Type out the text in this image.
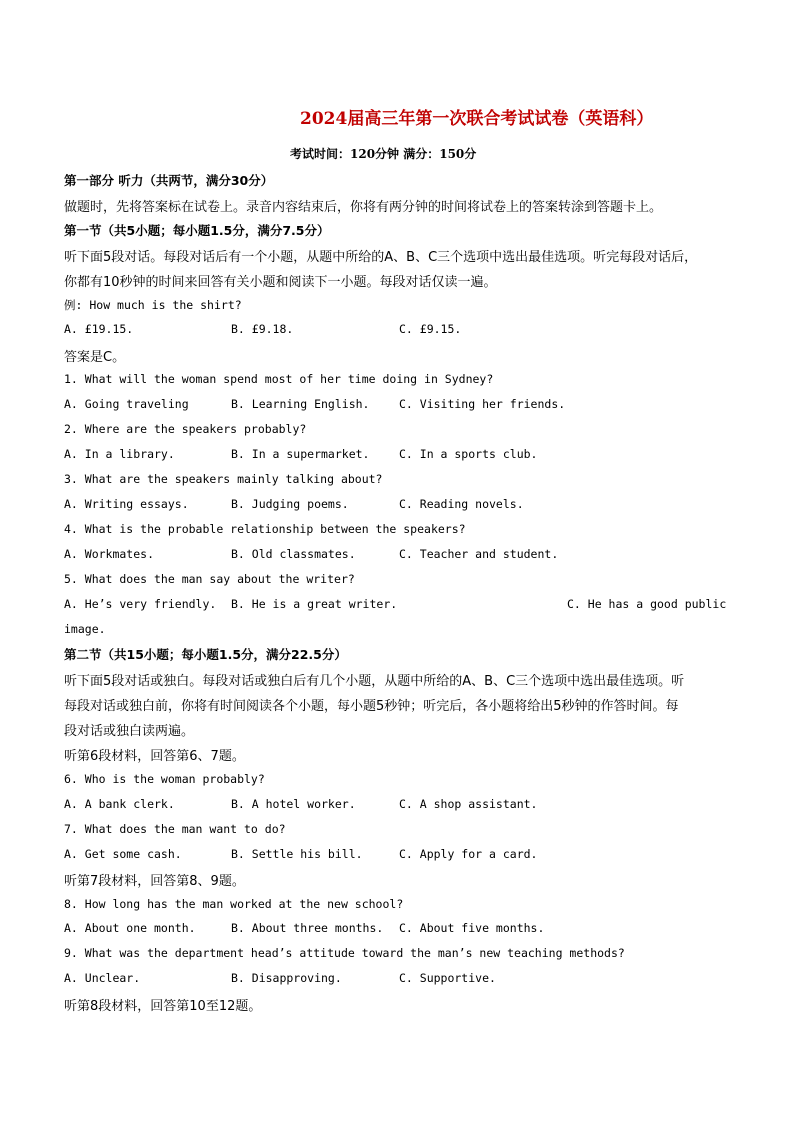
2024届高三年第一次联合考试试卷（英语科）
考试时间：120分钟 满分：150分
第一部分 听力（共两节，满分30分）
做题时，先将答案标在试卷上。录音内容结束后，你将有两分钟的时间将试卷上的答案转涂到答题卡上。
第一节（共5小题；每小题1.5分，满分7.5分）
听下面5段对话。每段对话后有一个小题，从题中所给的A、B、C三个选项中选出最佳选项。听完每段对话后，
你都有10秒钟的时间来回答有关小题和阅读下一小题。每段对话仅读一遍。
例: How much is the shirt?
A. £19.15.	B. £9.18.	C. £9.15.
答案是C。
1. What will the woman spend most of her time doing in Sydney?
A. Going traveling	B. Learning English.	C. Visiting her friends.
2. Where are the speakers probably?
A. In a library.	B. In a supermarket.	C. In a sports club.
3. What are the speakers mainly talking about?
A. Writing essays.	B. Judging poems.	C. Reading novels.
4. What is the probable relationship between the speakers?
A. Workmates.	B. Old classmates.	C. Teacher and student.
5. What does the man say about the writer?
A. He’s very friendly. B. He is a great writer.	C. He has a good public
image.
第二节（共15小题；每小题1.5分，满分22.5分）
听下面5段对话或独白。每段对话或独白后有几个小题，从题中所给的A、B、C三个选项中选出最佳选项。听
每段对话或独白前，你将有时间阅读各个小题，每小题5秒钟；听完后，各小题将给出5秒钟的作答时间。每
段对话或独白读两遍。
听第6段材料，回答第6、7题。
6. Who is the woman probably?
A. A bank clerk.	B. A hotel worker.	C. A shop assistant.
7. What does the man want to do?
A. Get some cash.	B. Settle his bill.	C. Apply for a card.
听第7段材料，回答第8、9题。
8. How long has the man worked at the new school?
A. About one month.	B. About three months. C. About five months.
9. What was the department head’s attitude toward the man’s new teaching methods?
A. Unclear.	B. Disapproving.	C. Supportive.
听第8段材料，回答第10至12题。
